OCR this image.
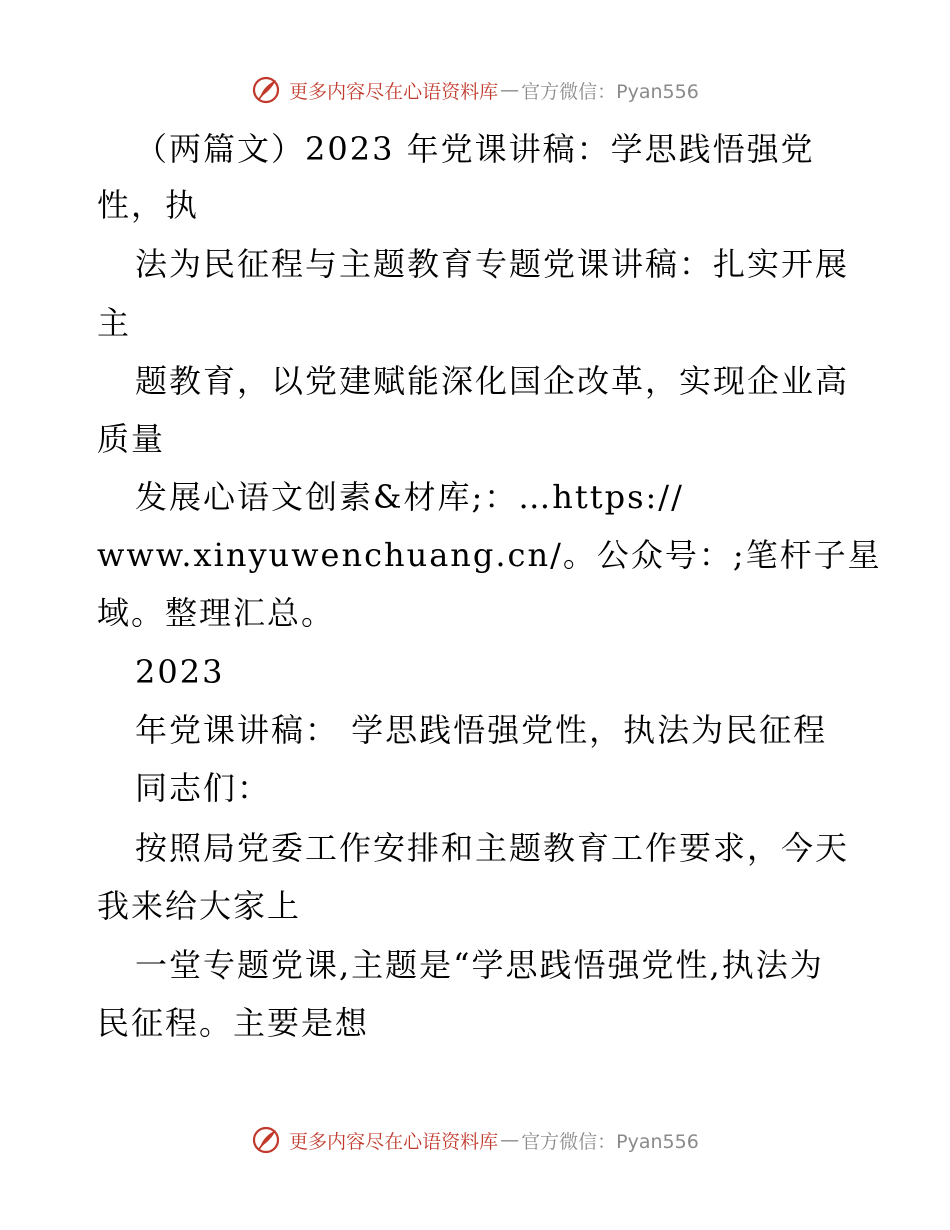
更多内容尽在心语资料库 — 官方微信：Pyan556
（两篇文）2023 年党课讲稿：学思践悟强党
性，执
法为民征程与主题教育专题党课讲稿：扎实开展
主
题教育，以党建赋能深化国企改革，实现企业高
质量
发展心语文创素&材库;：…https://
www.xinyuwenchuang.cn/。公众号：;笔杆子星
域。整理汇总。
2023
年党课讲稿： 学思践悟强党性，执法为民征程
同志们：
按照局党委工作安排和主题教育工作要求，今天
我来给大家上
一堂专题党课,主题是“学思践悟强党性,执法为
民征程。主要是想
更多内容尽在心语资料库 — 官方微信：Pyan556
